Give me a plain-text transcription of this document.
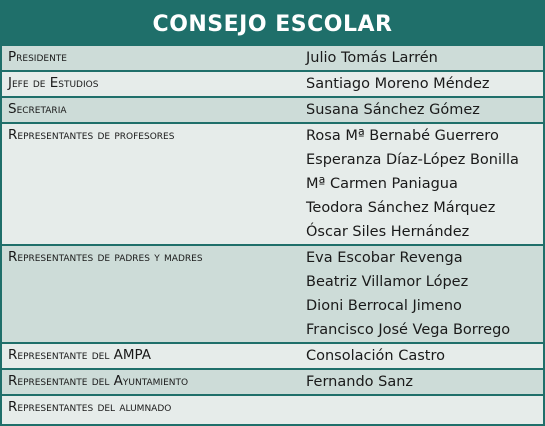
CONSEJO ESCOLAR
Presidente	Julio Tomás Larrén
Jefe de Estudios	Santiago Moreno Méndez
Secretaria	Susana Sánchez Gómez
Representantes de profesores	Rosa Mª Bernabé Guerrero
Esperanza Díaz-López Bonilla
Mª Carmen Paniagua
Teodora Sánchez Márquez
Óscar Siles Hernández
Representantes de padres y madres	Eva Escobar Revenga
Beatriz Villamor López
Dioni Berrocal Jimeno
Francisco José Vega Borrego
Representante del AMPA	Consolación Castro
Representante del Ayuntamiento	Fernando Sanz
Representantes del alumnado
